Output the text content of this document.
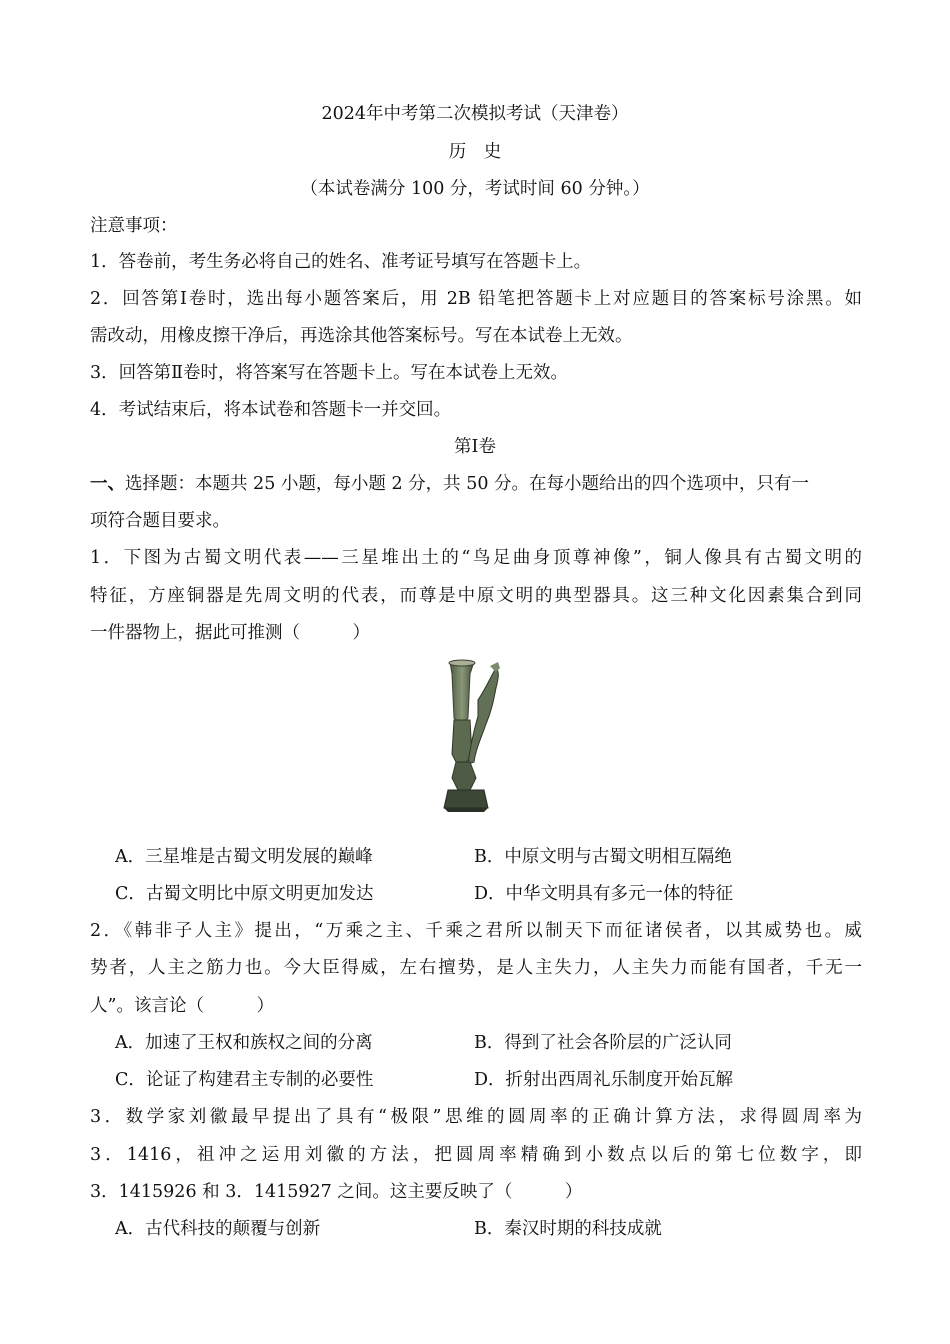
2024年中考第二次模拟考试（天津卷）
历　史
（本试卷满分 100 分，考试时间 60 分钟。）
注意事项：
1．答卷前，考生务必将自己的姓名、准考证号填写在答题卡上。
2．回答第Ⅰ卷时，选出每小题答案后，用 2B 铅笔把答题卡上对应题目的答案标号涂黑。如
需改动，用橡皮擦干净后，再选涂其他答案标号。写在本试卷上无效。
3．回答第Ⅱ卷时，将答案写在答题卡上。写在本试卷上无效。
4．考试结束后，将本试卷和答题卡一并交回。
第Ⅰ卷
一、选择题：本题共 25 小题，每小题 2 分，共 50 分。在每小题给出的四个选项中，只有一
项符合题目要求。
1．下图为古蜀文明代表——三星堆出土的“鸟足曲身顶尊神像”，铜人像具有古蜀文明的
特征，方座铜器是先周文明的代表，而尊是中原文明的典型器具。这三种文化因素集合到同
一件器物上，据此可推测（　　　）
A．三星堆是古蜀文明发展的巅峰	B．中原文明与古蜀文明相互隔绝
C．古蜀文明比中原文明更加发达	D．中华文明具有多元一体的特征
2．《韩非子人主》提出，“万乘之主、千乘之君所以制天下而征诸侯者，以其威势也。威
势者，人主之筋力也。今大臣得威，左右擅势，是人主失力，人主失力而能有国者，千无一
人”。该言论（　　　）
A．加速了王权和族权之间的分离	B．得到了社会各阶层的广泛认同
C．论证了构建君主专制的必要性	D．折射出西周礼乐制度开始瓦解
3．数学家刘徽最早提出了具有“极限”思维的圆周率的正确计算方法，求得圆周率为
3．1416，祖冲之运用刘徽的方法，把圆周率精确到小数点以后的第七位数字，即
3．1415926 和 3．1415927 之间。这主要反映了（　　　）
A．古代科技的颠覆与创新	B．秦汉时期的科技成就
